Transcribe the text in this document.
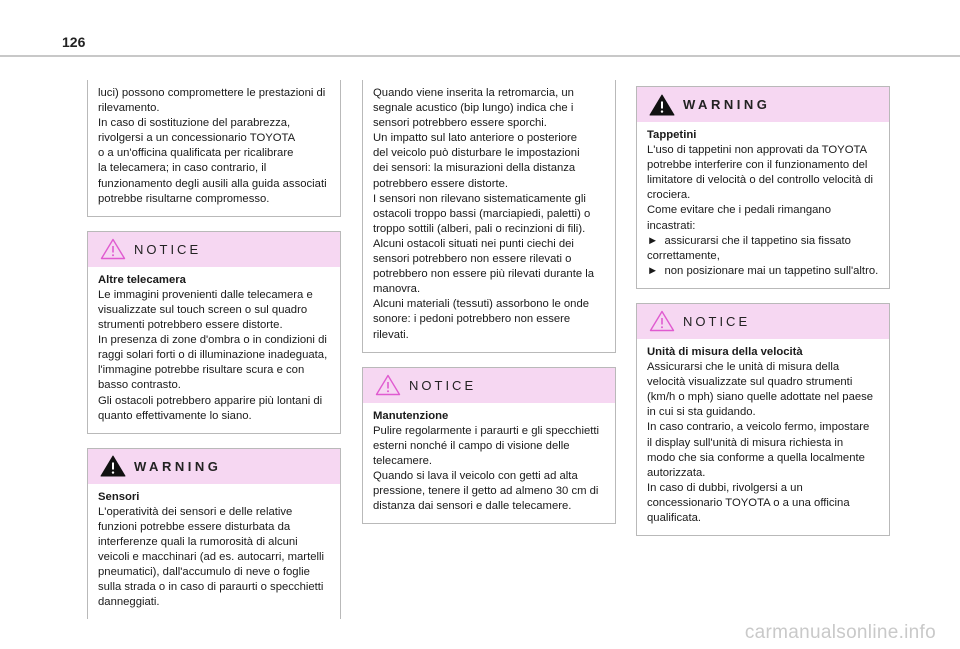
126
luci) possono compromettere le prestazioni di
rilevamento.
In caso di sostituzione del parabrezza,
rivolgersi a un concessionario TOYOTA
o a un'officina qualificata per ricalibrare
la telecamera; in caso contrario, il
funzionamento degli ausili alla guida associati
potrebbe risultarne compromesso.
NOTICE
Altre telecamera
Le immagini provenienti dalle telecamera e
visualizzate sul touch screen o sul quadro
strumenti potrebbero essere distorte.
In presenza di zone d'ombra o in condizioni di
raggi solari forti o di illuminazione inadeguata,
l'immagine potrebbe risultare scura e con
basso contrasto.
Gli ostacoli potrebbero apparire più lontani di
quanto effettivamente lo siano.
WARNING
Sensori
L'operatività dei sensori e delle relative
funzioni potrebbe essere disturbata da
interferenze quali la rumorosità di alcuni
veicoli e macchinari (ad es. autocarri, martelli
pneumatici), dall'accumulo di neve o foglie
sulla strada o in caso di paraurti o specchietti
danneggiati.
Quando viene inserita la retromarcia, un
segnale acustico (bip lungo) indica che i
sensori potrebbero essere sporchi.
Un impatto sul lato anteriore o posteriore
del veicolo può disturbare le impostazioni
dei sensori: la misurazioni della distanza
potrebbero essere distorte.
I sensori non rilevano sistematicamente gli
ostacoli troppo bassi (marciapiedi, paletti) o
troppo sottili (alberi, pali o recinzioni di fili).
Alcuni ostacoli situati nei punti ciechi dei
sensori potrebbero non essere rilevati o
potrebbero non essere più rilevati durante la
manovra.
Alcuni materiali (tessuti) assorbono le onde
sonore: i pedoni potrebbero non essere
rilevati.
NOTICE
Manutenzione
Pulire regolarmente i paraurti e gli specchietti
esterni nonché il campo di visione delle
telecamere.
Quando si lava il veicolo con getti ad alta
pressione, tenere il getto ad almeno 30 cm di
distanza dai sensori e dalle telecamere.
WARNING
Tappetini
L'uso di tappetini non approvati da TOYOTA
potrebbe interferire con il funzionamento del
limitatore di velocità o del controllo velocità di
crociera.
Come evitare che i pedali rimangano
incastrati:
►  assicurarsi che il tappetino sia fissato
correttamente,
►  non posizionare mai un tappetino sull'altro.
NOTICE
Unità di misura della velocità
Assicurarsi che le unità di misura della
velocità visualizzate sul quadro strumenti
(km/h o mph) siano quelle adottate nel paese
in cui si sta guidando.
In caso contrario, a veicolo fermo, impostare
il display sull'unità di misura richiesta in
modo che sia conforme a quella localmente
autorizzata.
In caso di dubbi, rivolgersi a un
concessionario TOYOTA o a una officina
qualificata.
carmanualsonline.info
